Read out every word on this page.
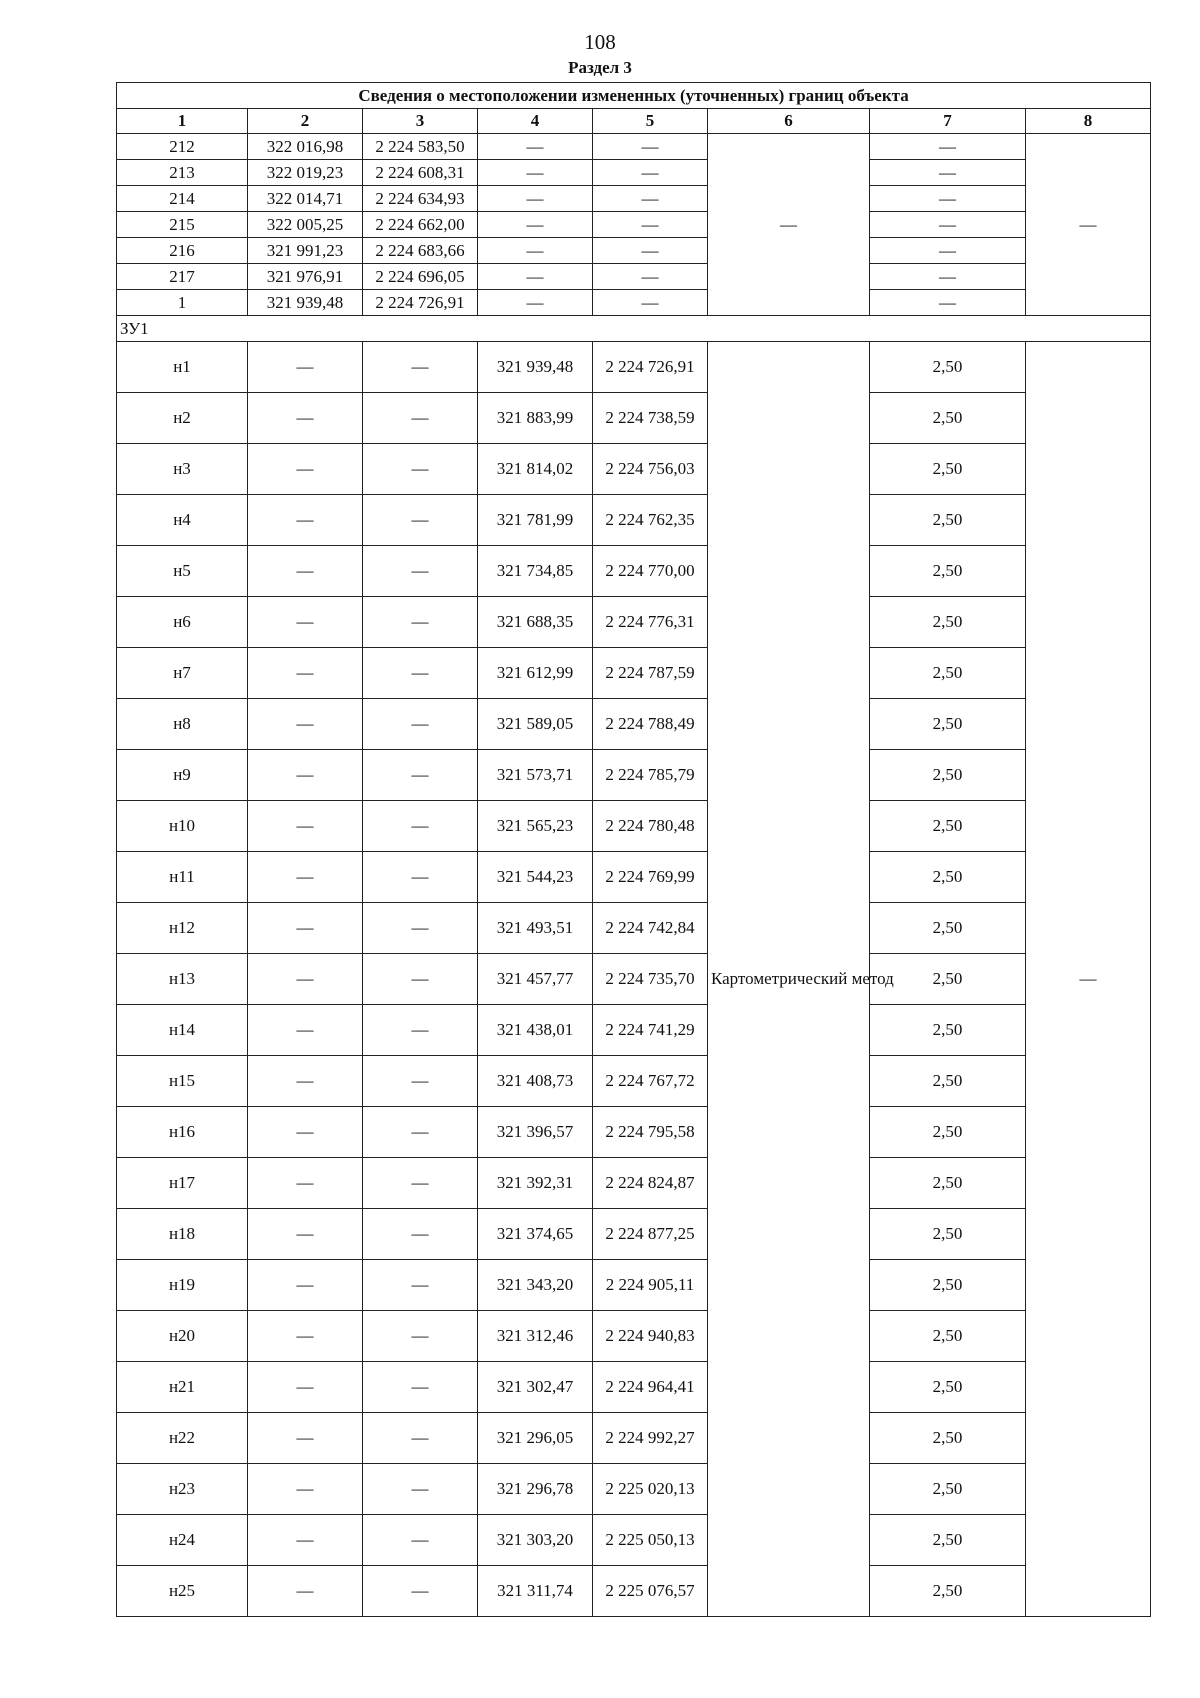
108
Раздел 3
Сведения о местоположении измененных (уточненных) границ объекта							
1	2	3	4	5	6	7	8
212	322 016,98	2 224 583,50	—	—	—	—	—
213	322 019,23	2 224 608,31	—	—		—	
214	322 014,71	2 224 634,93	—	—		—	
215	322 005,25	2 224 662,00	—	—		—	
216	321 991,23	2 224 683,66	—	—		—	
217	321 976,91	2 224 696,05	—	—		—	
1	321 939,48	2 224 726,91	—	—		—	
ЗУ1							
н1	—	—	321 939,48	2 224 726,91	Картометрический метод	2,50	—
н2	—	—	321 883,99	2 224 738,59		2,50	
н3	—	—	321 814,02	2 224 756,03		2,50	
н4	—	—	321 781,99	2 224 762,35		2,50	
н5	—	—	321 734,85	2 224 770,00		2,50	
н6	—	—	321 688,35	2 224 776,31		2,50	
н7	—	—	321 612,99	2 224 787,59		2,50	
н8	—	—	321 589,05	2 224 788,49		2,50	
н9	—	—	321 573,71	2 224 785,79		2,50	
н10	—	—	321 565,23	2 224 780,48		2,50	
н11	—	—	321 544,23	2 224 769,99		2,50	
н12	—	—	321 493,51	2 224 742,84		2,50	
н13	—	—	321 457,77	2 224 735,70		2,50	
н14	—	—	321 438,01	2 224 741,29		2,50	
н15	—	—	321 408,73	2 224 767,72		2,50	
н16	—	—	321 396,57	2 224 795,58		2,50	
н17	—	—	321 392,31	2 224 824,87		2,50	
н18	—	—	321 374,65	2 224 877,25		2,50	
н19	—	—	321 343,20	2 224 905,11		2,50	
н20	—	—	321 312,46	2 224 940,83		2,50	
н21	—	—	321 302,47	2 224 964,41		2,50	
н22	—	—	321 296,05	2 224 992,27		2,50	
н23	—	—	321 296,78	2 225 020,13		2,50	
н24	—	—	321 303,20	2 225 050,13		2,50	
н25	—	—	321 311,74	2 225 076,57		2,50	
